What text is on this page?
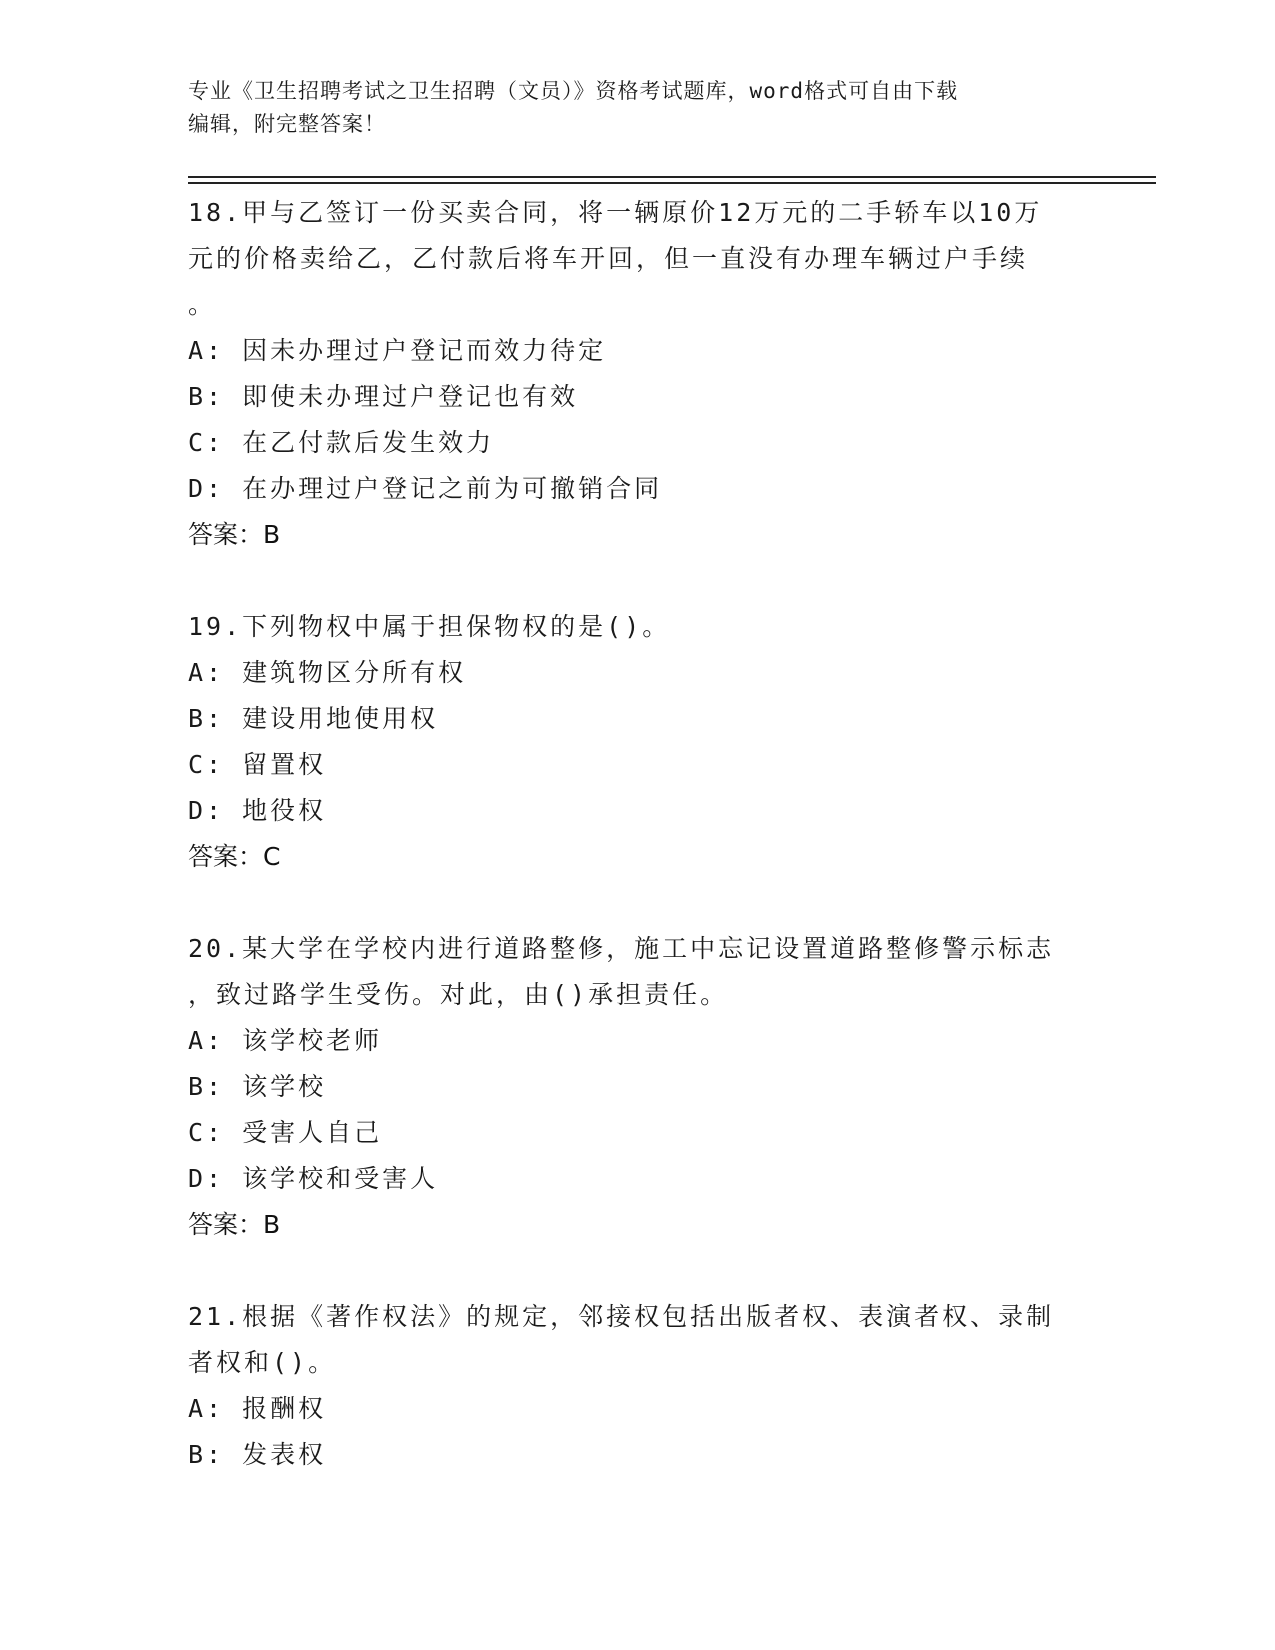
专业《卫生招聘考试之卫生招聘（文员）》资格考试题库，word格式可自由下载
编辑，附完整答案！

18.甲与乙签订一份买卖合同，将一辆原价12万元的二手轿车以10万

元的价格卖给乙，乙付款后将车开回，但一直没有办理车辆过户手续

。

A: 因未办理过户登记而效力待定

B: 即使未办理过户登记也有效

C: 在乙付款后发生效力

D: 在办理过户登记之前为可撤销合同

答案：B

19.下列物权中属于担保物权的是()。

A: 建筑物区分所有权

B: 建设用地使用权

C: 留置权

D: 地役权

答案：C

20.某大学在学校内进行道路整修，施工中忘记设置道路整修警示标志

，致过路学生受伤。对此，由()承担责任。

A: 该学校老师

B: 该学校

C: 受害人自己

D: 该学校和受害人

答案：B

21.根据《著作权法》的规定，邻接权包括出版者权、表演者权、录制

者权和()。

A: 报酬权

B: 发表权
